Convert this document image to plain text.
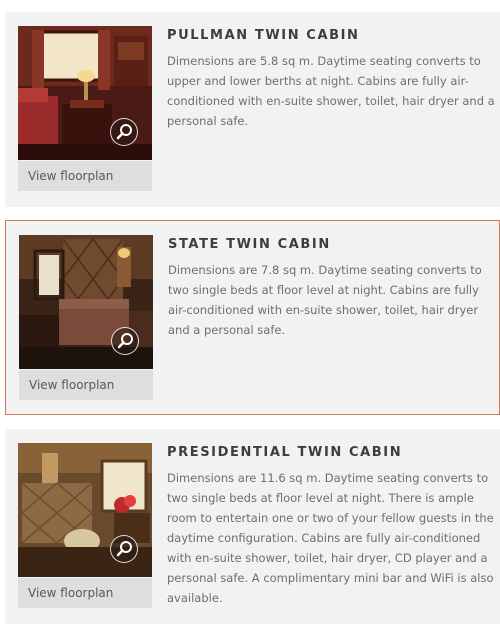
View floorplan
PULLMAN TWIN CABIN

Dimensions are 5.8 sq m. Daytime seating converts to upper and lower berths at night. Cabins are fully air-conditioned with en-suite shower, toilet, hair dryer and a personal safe.

View floorplan
STATE TWIN CABIN

Dimensions are 7.8 sq m. Daytime seating converts to two single beds at floor level at night. Cabins are fully air-conditioned with en-suite shower, toilet, hair dryer and a personal safe.

View floorplan
PRESIDENTIAL TWIN CABIN

Dimensions are 11.6 sq m. Daytime seating converts to two single beds at floor level at night. There is ample room to entertain one or two of your fellow guests in the daytime configuration. Cabins are fully air-conditioned with en-suite shower, toilet, hair dryer, CD player and a personal safe. A complimentary mini bar and WiFi is also available.
